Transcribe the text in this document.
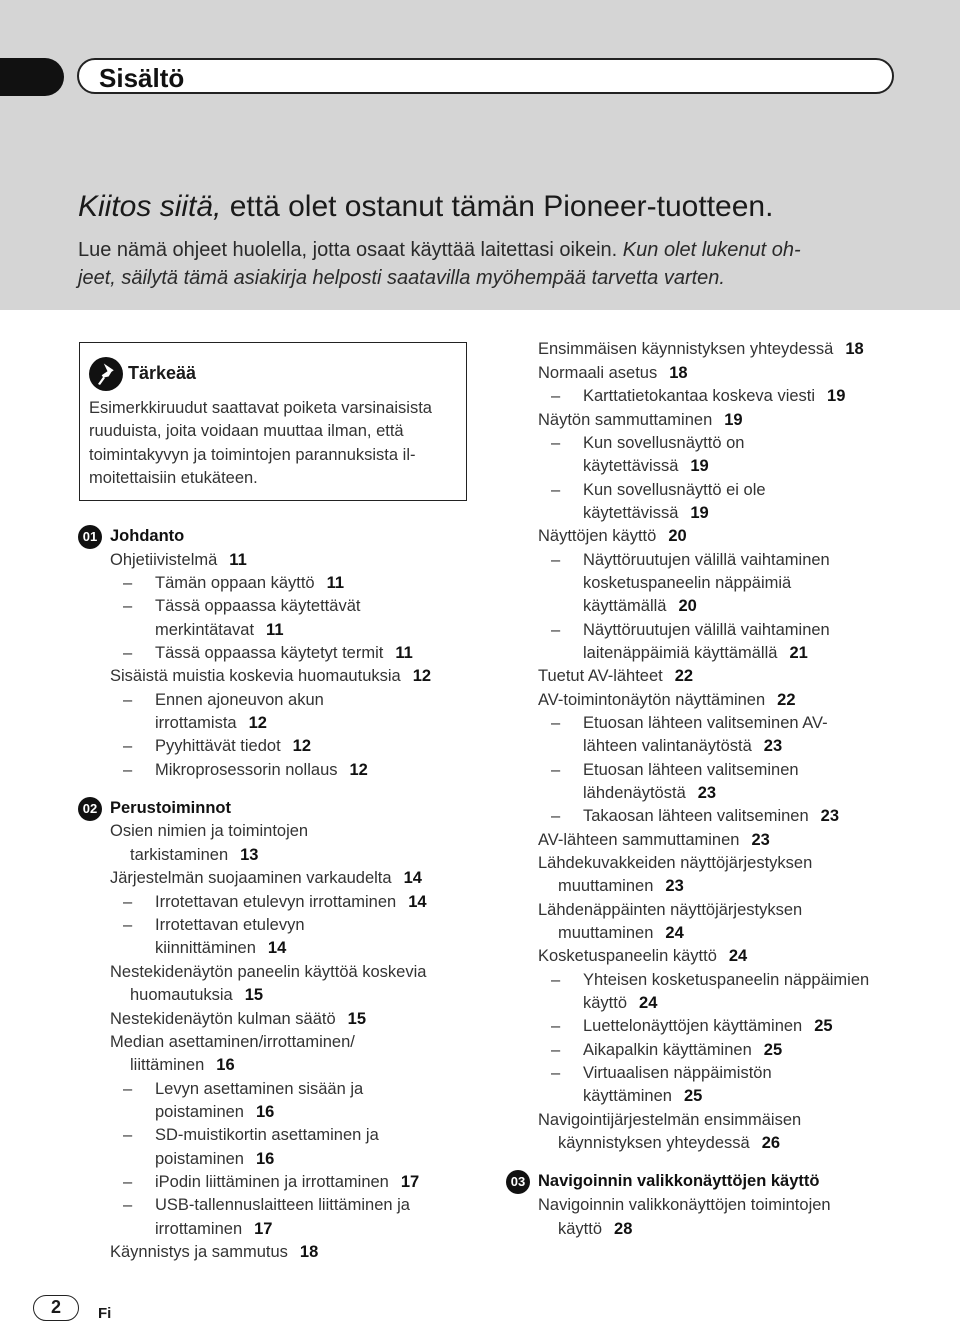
Sisältö
Kiitos siitä, että olet ostanut tämän Pioneer-tuotteen.
Lue nämä ohjeet huolella, jotta osaat käyttää laitettasi oikein. Kun olet lukenut oh-
jeet, säilytä tämä asiakirja helposti saatavilla myöhempää tarvetta varten.
Tärkeää
Esimerkkiruudut saattavat poiketa varsinaisista
ruuduista, joita voidaan muuttaa ilman, että
toimintakyvyn ja toimintojen parannuksista il-
moitettaisiin etukäteen.
01 Johdanto
02 Perustoiminnot
03 Navigoinnin valikkonäyttöjen käyttö
Ohjetiivistelmä 11
– Tämän oppaan käyttö 11
– Tässä oppaassa käytettävät
merkintätavat 11
– Tässä oppaassa käytetyt termit 11
Sisäistä muistia koskevia huomautuksia 12
– Ennen ajoneuvon akun
irrottamista 12
– Pyyhittävät tiedot 12
– Mikroprosessorin nollaus 12
Osien nimien ja toimintojen
tarkistaminen 13
Järjestelmän suojaaminen varkaudelta 14
– Irrotettavan etulevyn irrottaminen 14
– Irrotettavan etulevyn
kiinnittäminen 14
Nestekidenäytön paneelin käyttöä koskevia
huomautuksia 15
Nestekidenäytön kulman säätö 15
Median asettaminen/irrottaminen/
liittäminen 16
– Levyn asettaminen sisään ja
poistaminen 16
– SD-muistikortin asettaminen ja
poistaminen 16
– iPodin liittäminen ja irrottaminen 17
– USB-tallennuslaitteen liittäminen ja
irrottaminen 17
Käynnistys ja sammutus 18
Ensimmäisen käynnistyksen yhteydessä 18
Normaali asetus 18
– Karttatietokantaa koskeva viesti 19
Näytön sammuttaminen 19
– Kun sovellusnäyttö on
käytettävissä 19
– Kun sovellusnäyttö ei ole
käytettävissä 19
Näyttöjen käyttö 20
– Näyttöruutujen välillä vaihtaminen
kosketuspaneelin näppäimiä
käyttämällä 20
– Näyttöruutujen välillä vaihtaminen
laitenäppäimiä käyttämällä 21
Tuetut AV-lähteet 22
AV-toimintonäytön näyttäminen 22
– Etuosan lähteen valitseminen AV-
lähteen valintanäytöstä 23
– Etuosan lähteen valitseminen
lähdenäytöstä 23
– Takaosan lähteen valitseminen 23
AV-lähteen sammuttaminen 23
Lähdekuvakkeiden näyttöjärjestyksen
muuttaminen 23
Lähdenäppäinten näyttöjärjestyksen
muuttaminen 24
Kosketuspaneelin käyttö 24
– Yhteisen kosketuspaneelin näppäimien
käyttö 24
– Luettelonäyttöjen käyttäminen 25
– Aikapalkin käyttäminen 25
– Virtuaalisen näppäimistön
käyttäminen 25
Navigointijärjestelmän ensimmäisen
käynnistyksen yhteydessä 26
Navigoinnin valikkonäyttöjen toimintojen
käyttö 28
2	Fi
